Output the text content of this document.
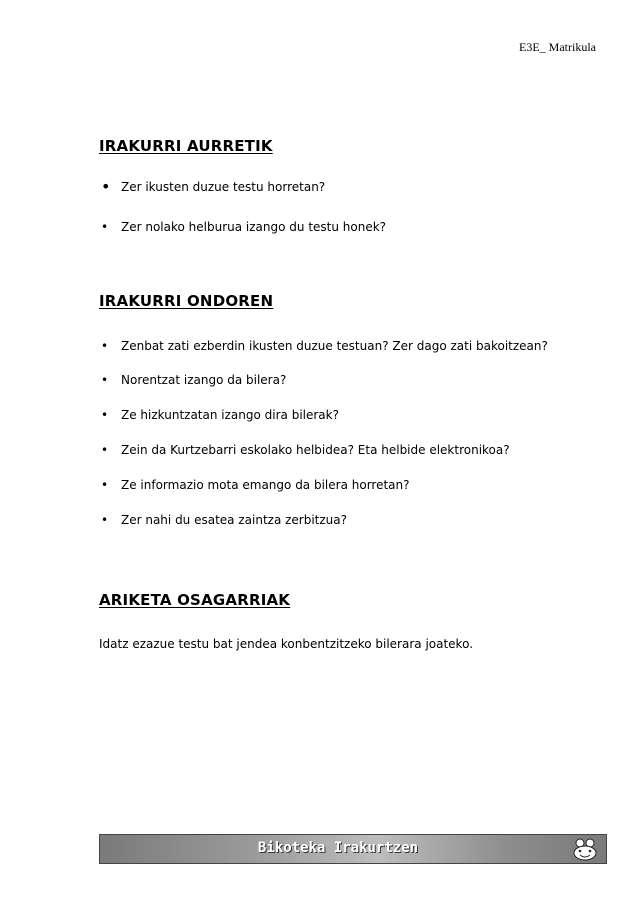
E3E_ Matrikula
IRAKURRI AURRETIK
• Zer ikusten duzue testu horretan?
• Zer nolako helburua izango du testu honek?
IRAKURRI ONDOREN
• Zenbat zati ezberdin ikusten duzue testuan? Zer dago zati bakoitzean?
• Norentzat izango da bilera?
• Ze hizkuntzatan izango dira bilerak?
• Zein da Kurtzebarri eskolako helbidea? Eta helbide elektronikoa?
• Ze informazio mota emango da bilera horretan?
• Zer nahi du esatea zaintza zerbitzua?
ARIKETA OSAGARRIAK
Idatz ezazue testu bat jendea konbentzitzeko bilerara joateko.
Bikoteka Irakurtzen
